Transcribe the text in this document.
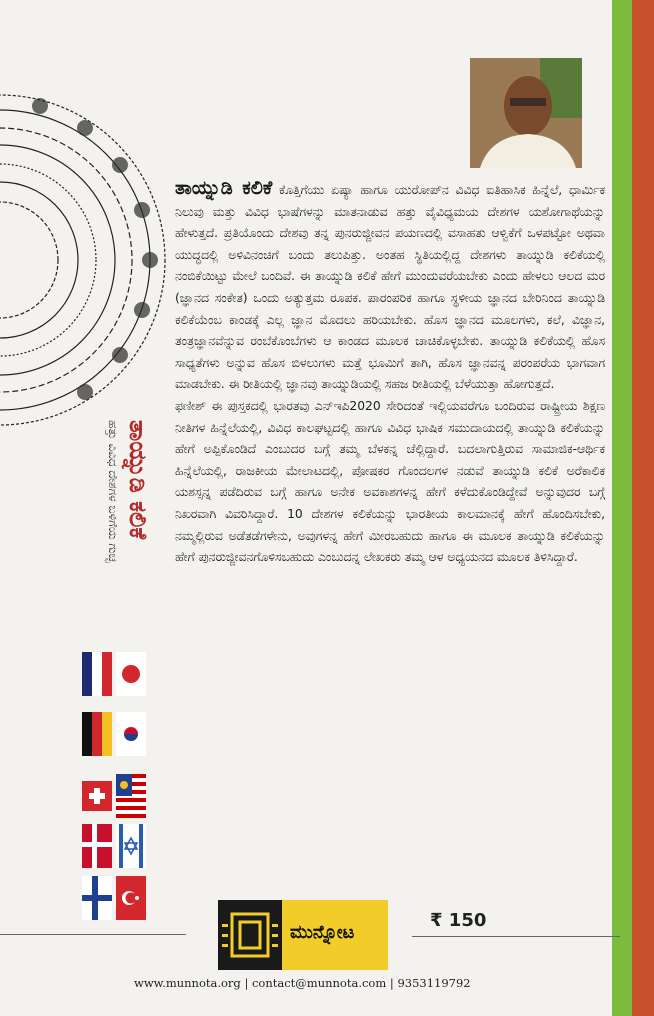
ತಾಯ್ನುಡಿ ಕಲಿಕೆ
ಹತ್ತು ವಿವಿಧ ದೇಶಗಳ ಬಳಿಗೆಯ ಗುಚ್ಛ

ತಾಯ್ನುಡಿ ಕಲಿಕೆ ಕೊತ್ತಿಗೆಯು ಏಷ್ಯಾ ಹಾಗೂ ಯುರೋಪ್‌ನ ವಿವಿಧ ಐತಿಹಾಸಿಕ ಹಿನ್ನೆಲೆ, ಧಾರ್ಮಿಕ ನಿಲುವು ಮತ್ತು ವಿವಿಧ ಭಾಷೆಗಳನ್ನು ಮಾತನಾಡುವ ಹತ್ತು ವೈವಿಧ್ಯಮಯ ದೇಶಗಳ ಯಶೋಗಾಥೆಯನ್ನು ಹೇಳುತ್ತದೆ. ಪ್ರತಿಯೊಂದು ದೇಶವು ತನ್ನ ಪುನರುಜ್ಜೀವನ ಪಯಣದಲ್ಲಿ ವಸಾಹತು ಆಳ್ವಿಕೆಗೆ ಒಳಪಟ್ಟೋ ಅಥವಾ ಯುದ್ಧದಲ್ಲಿ ಅಳಿವಿನಂಚಿಗೆ ಬಂದು ತಲುಪಿತ್ತು. ಅಂತಹ ಸ್ಥಿತಿಯಲ್ಲಿದ್ದ ದೇಶಗಳು ತಾಯ್ನುಡಿ ಕಲಿಕೆಯಲ್ಲಿ ನಂಬಿಕೆಯಿಟ್ಟು ಮೇಲೆ ಬಂದಿವೆ. ಈ ತಾಯ್ನುಡಿ ಕಲಿಕೆ ಹೇಗೆ ಮುಂದುವರೆಯಬೇಕು ಎಂದು ಹೇಳಲು ಆಲದ ಮರ (ಜ್ಞಾನದ ಸಂಕೇತ) ಒಂದು ಅತ್ಯುತ್ತಮ ರೂಪಕ. ಪಾರಂಪರಿಕ ಹಾಗೂ ಸ್ಥಳೀಯ ಜ್ಞಾನದ ಬೇರಿನಿಂದ ತಾಯ್ನುಡಿ ಕಲಿಕೆಯೆಂಬ ಕಾಂಡಕ್ಕೆ ಎಲ್ಲ ಜ್ಞಾನ ಮೊದಲು ಹರಿಯಬೇಕು. ಹೊಸ ಜ್ಞಾನದ ಮೂಲಗಳು, ಕಲೆ, ವಿಜ್ಞಾನ, ತಂತ್ರಜ್ಞಾನವೆನ್ನುವ ರಂಬೆಕೊಂಬೆಗಳು ಆ ಕಾಂಡದ ಮೂಲಕ ಚಾಚಿಕೊಳ್ಳಬೇಕು. ತಾಯ್ನುಡಿ ಕಲಿಕೆಯಲ್ಲಿ ಹೊಸ ಸಾಧ್ಯತೆಗಳು ಅನ್ನುವ ಹೊಸ ಬಿಳಲುಗಳು ಮತ್ತೆ ಭೂಮಿಗೆ ತಾಗಿ, ಹೊಸ ಜ್ಞಾನವನ್ನ ಪರಂಪರೆಯ ಭಾಗವಾಗ ಮಾಡಬೇಕು. ಈ ರೀತಿಯಲ್ಲಿ ಜ್ಞಾನವು ತಾಯ್ನುಡಿಯಲ್ಲಿ ಸಹಜ ರೀತಿಯಲ್ಲಿ ಬೆಳೆಯುತ್ತಾ ಹೋಗುತ್ತದೆ.

ಫಣೀಶ್ ಈ ಪುಸ್ತಕದಲ್ಲಿ ಭಾರತವು ಎನ್‌ಇಪಿ2020 ಸೇರಿದಂತೆ ಇಲ್ಲಿಯವರೆಗೂ ಬಂದಿರುವ ರಾಷ್ಟ್ರೀಯ ಶಿಕ್ಷಣ ನೀತಿಗಳ ಹಿನ್ನೆಲೆಯಲ್ಲಿ, ವಿವಿಧ ಕಾಲಘಟ್ಟದಲ್ಲಿ ಹಾಗೂ ವಿವಿಧ ಭಾಷಿಕ ಸಮುದಾಯದಲ್ಲಿ ತಾಯ್ನುಡಿ ಕಲಿಕೆಯನ್ನು ಹೇಗೆ ಅಪ್ಪಿಕೊಂಡಿದೆ ಎಂಬುದರ ಬಗ್ಗೆ ತಮ್ಮ ಬೆಳಕನ್ನ ಚೆಲ್ಲಿದ್ದಾರೆ. ಬದಲಾಗುತ್ತಿರುವ ಸಾಮಾಜಿಕ-ಆರ್ಥಿಕ ಹಿನ್ನೆಲೆಯಲ್ಲಿ, ರಾಜಕೀಯ ಮೇಲಾಟದಲ್ಲಿ, ಪೋಷಕರ ಗೊಂದಲಗಳ ನಡುವೆ ತಾಯ್ನುಡಿ ಕಲಿಕೆ ಅರೆಕಾಲಿಕ ಯಶಸ್ಸನ್ನ ಪಡೆದಿರುವ ಬಗ್ಗೆ ಹಾಗೂ ಅನೇಕ ಅವಕಾಶಗಳನ್ನ ಹೇಗೆ ಕಳೆದುಕೊಂಡಿದ್ದೇವೆ ಅನ್ನುವುದರ ಬಗ್ಗೆ ನಿಖರವಾಗಿ ವಿವರಿಸಿದ್ದಾರೆ. 10 ದೇಶಗಳ ಕಲಿಕೆಯನ್ನು ಭಾರತೀಯ ಕಾಲಮಾನಕ್ಕೆ ಹೇಗೆ ಹೊಂದಿಸಬೇಕು, ನಮ್ಮಲ್ಲಿರುವ ಅಡೆತಡೆಗಳೇನು, ಅವುಗಳನ್ನ ಹೇಗೆ ಮೀರಬಹುದು ಹಾಗೂ ಈ ಮೂಲಕ ತಾಯ್ನುಡಿ ಕಲಿಕೆಯನ್ನು ಹೇಗೆ ಪುನರುಜ್ಜೀವನಗೊಳಿಸಬಹುದು ಎಂಬುದನ್ನ ಲೇಖಕರು ತಮ್ಮ ಆಳ ಅಧ್ಯಯನದ ಮೂಲಕ ತಿಳಿಸಿದ್ದಾರೆ.

ಮುನ್ನೋಟ
₹ 150
www.munnota.org | contact@munnota.com | 9353119792
